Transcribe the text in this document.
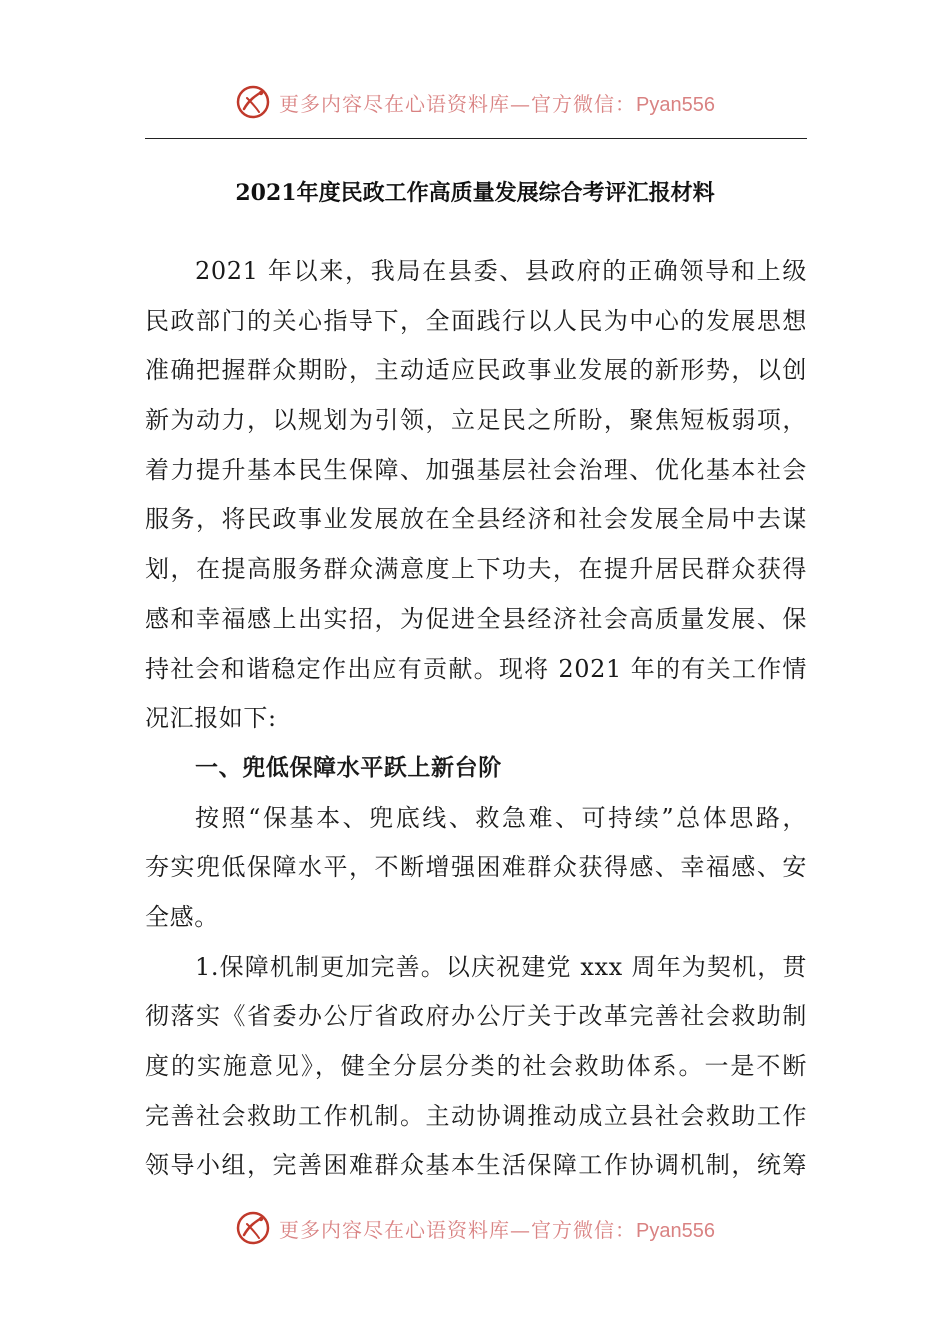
更多内容尽在心语资料库—官方微信：Pyan556
2021年度民政工作高质量发展综合考评汇报材料
2021 年以来，我局在县委、县政府的正确领导和上级
民政部门的关心指导下，全面践行以人民为中心的发展思想
准确把握群众期盼，主动适应民政事业发展的新形势，以创
新为动力，以规划为引领，立足民之所盼，聚焦短板弱项，
着力提升基本民生保障、加强基层社会治理、优化基本社会
服务，将民政事业发展放在全县经济和社会发展全局中去谋
划，在提高服务群众满意度上下功夫，在提升居民群众获得
感和幸福感上出实招，为促进全县经济社会高质量发展、保
持社会和谐稳定作出应有贡献。现将 2021 年的有关工作情
况汇报如下:
一、兜低保障水平跃上新台阶
按照“保基本、兜底线、救急难、可持续”总体思路，
夯实兜低保障水平，不断增强困难群众获得感、幸福感、安
全感。
1.保障机制更加完善。以庆祝建党 xxx 周年为契机，贯
彻落实《省委办公厅省政府办公厅关于改革完善社会救助制
度的实施意见》，健全分层分类的社会救助体系。一是不断
完善社会救助工作机制。主动协调推动成立县社会救助工作
领导小组，完善困难群众基本生活保障工作协调机制，统筹
更多内容尽在心语资料库—官方微信：Pyan556
